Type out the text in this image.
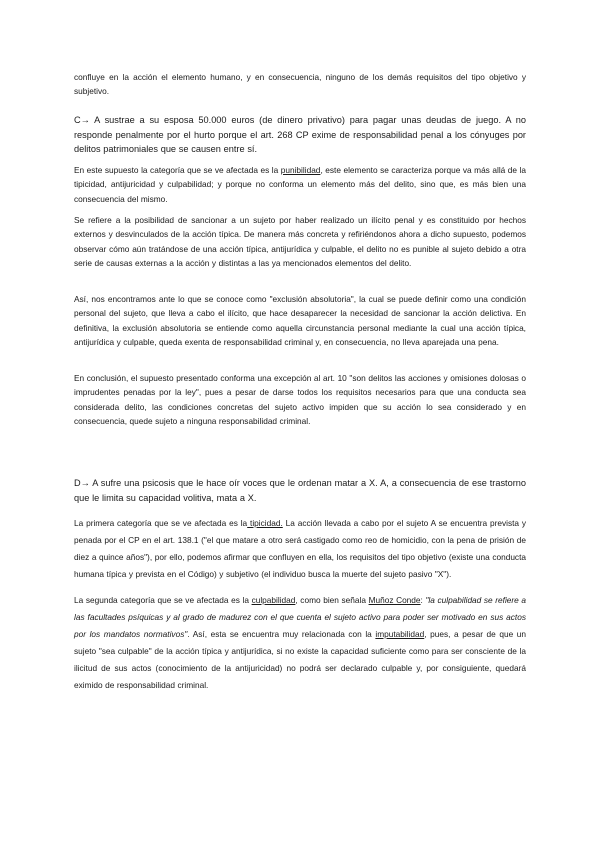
confluye en la acción el elemento humano, y en consecuencia, ninguno de los demás requisitos del tipo objetivo y subjetivo.

C→ A sustrae a su esposa 50.000 euros (de dinero privativo) para pagar unas deudas de juego. A no responde penalmente por el hurto porque el art. 268 CP exime de responsabilidad penal a los cónyuges por delitos patrimoniales que se causen entre sí.

En este supuesto la categoría que se ve afectada es la punibilidad, este elemento se caracteriza porque va más allá de la tipicidad, antijuricidad y culpabilidad; y porque no conforma un elemento más del delito, sino que, es más bien una consecuencia del mismo.

Se refiere a la posibilidad de sancionar a un sujeto por haber realizado un ilícito penal y es constituido por hechos externos y desvinculados de la acción típica. De manera más concreta y refiriéndonos ahora a dicho supuesto, podemos observar cómo aún tratándose de una acción típica, antijurídica y culpable, el delito no es punible al sujeto debido a otra serie de causas externas a la acción y distintas a las ya mencionados elementos del delito.

Así, nos encontramos ante lo que se conoce como "exclusión absolutoria", la cual se puede definir como una condición personal del sujeto, que lleva a cabo el ilícito, que hace desaparecer la necesidad de sancionar la acción delictiva. En definitiva, la exclusión absolutoria se entiende como aquella circunstancia personal mediante la cual una acción típica, antijurídica y culpable, queda exenta de responsabilidad criminal y, en consecuencia, no lleva aparejada una pena.

En conclusión, el supuesto presentado conforma una excepción al art. 10 "son delitos las acciones y omisiones dolosas o imprudentes penadas por la ley", pues a pesar de darse todos los requisitos necesarios para que una conducta sea considerada delito, las condiciones concretas del sujeto activo impiden que su acción lo sea considerado y en consecuencia, quede sujeto a ninguna responsabilidad criminal.

D→ A sufre una psicosis que le hace oír voces que le ordenan matar a X. A, a consecuencia de ese trastorno que le limita su capacidad volitiva, mata a X.

La primera categoría que se ve afectada es la tipicidad. La acción llevada a cabo por el sujeto A se encuentra prevista y penada por el CP en el art. 138.1 ("el que matare a otro será castigado como reo de homicidio, con la pena de prisión de diez a quince años"), por ello, podemos afirmar que confluyen en ella, los requisitos del tipo objetivo (existe una conducta humana típica y prevista en el Código) y subjetivo (el individuo busca la muerte del sujeto pasivo "X").

La segunda categoría que se ve afectada es la culpabilidad, como bien señala Muñoz Conde: "la culpabilidad se refiere a las facultades psíquicas y al grado de madurez con el que cuenta el sujeto activo para poder ser motivado en sus actos por los mandatos normativos". Así, esta se encuentra muy relacionada con la imputabilidad, pues, a pesar de que un sujeto "sea culpable" de la acción típica y antijurídica, si no existe la capacidad suficiente como para ser consciente de la ilicitud de sus actos (conocimiento de la antijuricidad) no podrá ser declarado culpable y, por consiguiente, quedará eximido de responsabilidad criminal.
